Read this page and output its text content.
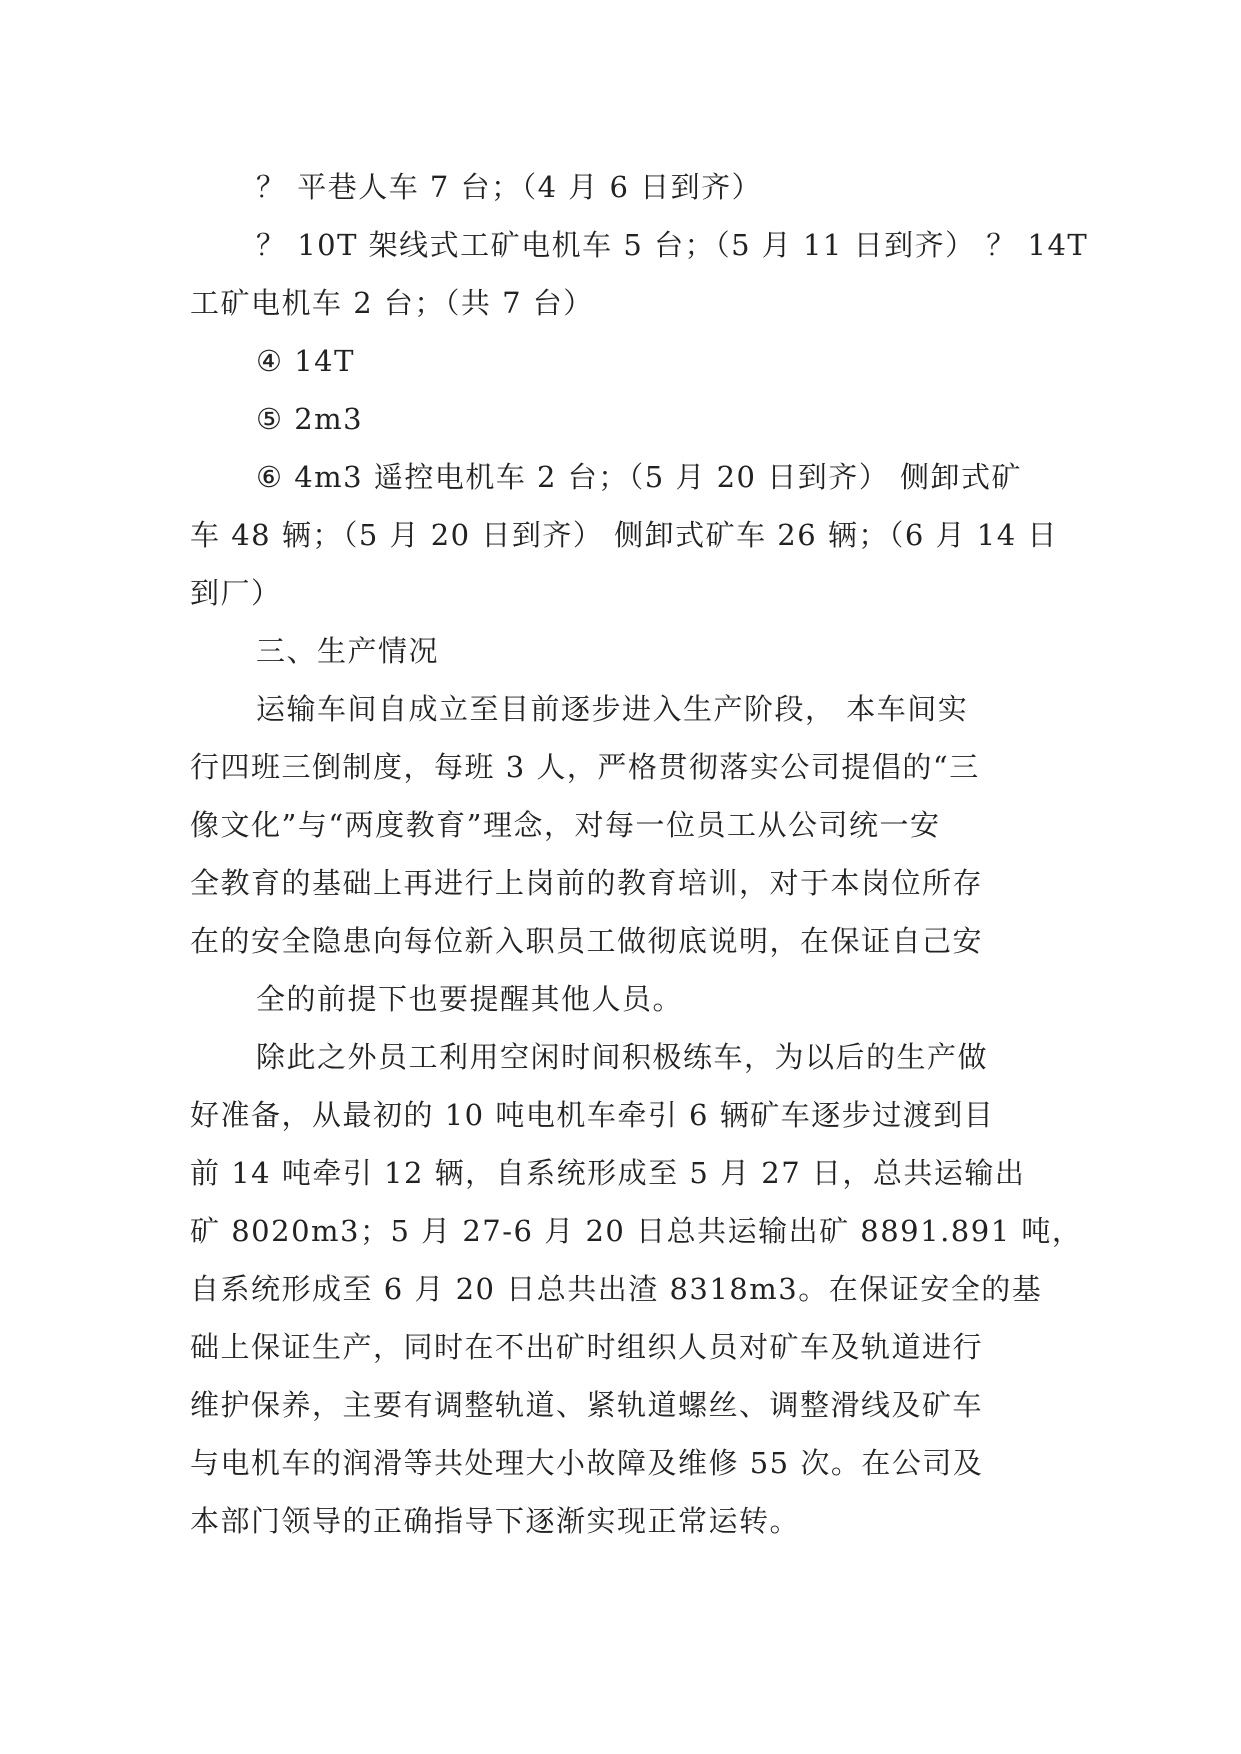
？ 平巷人车 7 台；（4 月 6 日到齐）
？ 10T 架线式工矿电机车 5 台；（5 月 11 日到齐） ？ 14T
工矿电机车 2 台；（共 7 台）
④ 14T
⑤ 2m3
⑥ 4m3 遥控电机车 2 台；（5 月 20 日到齐） 侧卸式矿
车 48 辆；（5 月 20 日到齐） 侧卸式矿车 26 辆；（6 月 14 日
到厂）
三、生产情况
运输车间自成立至目前逐步进入生产阶段， 本车间实
行四班三倒制度，每班 3 人，严格贯彻落实公司提倡的“三
像文化”与“两度教育”理念，对每一位员工从公司统一安
全教育的基础上再进行上岗前的教育培训，对于本岗位所存
在的安全隐患向每位新入职员工做彻底说明，在保证自己安
全的前提下也要提醒其他人员。
除此之外员工利用空闲时间积极练车，为以后的生产做
好准备，从最初的 10 吨电机车牵引 6 辆矿车逐步过渡到目
前 14 吨牵引 12 辆，自系统形成至 5 月 27 日，总共运输出
矿 8020m3；5 月 27-6 月 20 日总共运输出矿 8891.891 吨，
自系统形成至 6 月 20 日总共出渣 8318m3。在保证安全的基
础上保证生产，同时在不出矿时组织人员对矿车及轨道进行
维护保养，主要有调整轨道、紧轨道螺丝、调整滑线及矿车
与电机车的润滑等共处理大小故障及维修 55 次。在公司及
本部门领导的正确指导下逐渐实现正常运转。
